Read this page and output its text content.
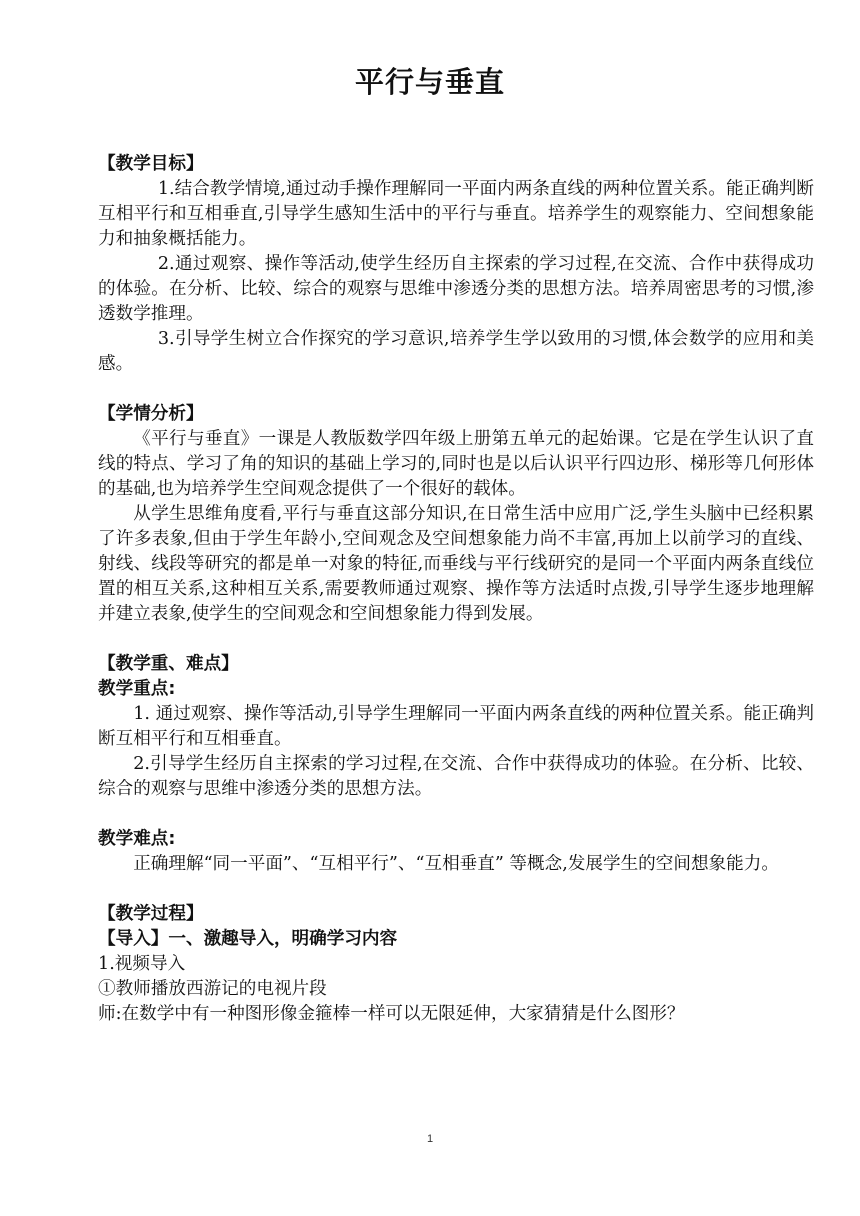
平行与垂直

【教学目标】

1.结合教学情境,通过动手操作理解同一平面内两条直线的两种位置关系。能正确判断互相平行和互相垂直,引导学生感知生活中的平行与垂直。培养学生的观察能力、空间想象能力和抽象概括能力。

2.通过观察、操作等活动,使学生经历自主探索的学习过程,在交流、合作中获得成功的体验。在分析、比较、综合的观察与思维中渗透分类的思想方法。培养周密思考的习惯,渗透数学推理。

3.引导学生树立合作探究的学习意识,培养学生学以致用的习惯,体会数学的应用和美感。

【学情分析】

《平行与垂直》一课是人教版数学四年级上册第五单元的起始课。它是在学生认识了直线的特点、学习了角的知识的基础上学习的,同时也是以后认识平行四边形、梯形等几何形体的基础,也为培养学生空间观念提供了一个很好的载体。

从学生思维角度看,平行与垂直这部分知识,在日常生活中应用广泛,学生头脑中已经积累了许多表象,但由于学生年龄小,空间观念及空间想象能力尚不丰富,再加上以前学习的直线、射线、线段等研究的都是单一对象的特征,而垂线与平行线研究的是同一个平面内两条直线位置的相互关系,这种相互关系,需要教师通过观察、操作等方法适时点拨,引导学生逐步地理解并建立表象,使学生的空间观念和空间想象能力得到发展。

【教学重、难点】

教学重点:

1. 通过观察、操作等活动,引导学生理解同一平面内两条直线的两种位置关系。能正确判断互相平行和互相垂直。

2.引导学生经历自主探索的学习过程,在交流、合作中获得成功的体验。在分析、比较、综合的观察与思维中渗透分类的思想方法。

教学难点:

正确理解“同一平面”、“互相平行”、“互相垂直” 等概念,发展学生的空间想象能力。

【教学过程】

【导入】一、激趣导入，明确学习内容

1.视频导入

①教师播放西游记的电视片段

师:在数学中有一种图形像金箍棒一样可以无限延伸，大家猜猜是什么图形？

1
